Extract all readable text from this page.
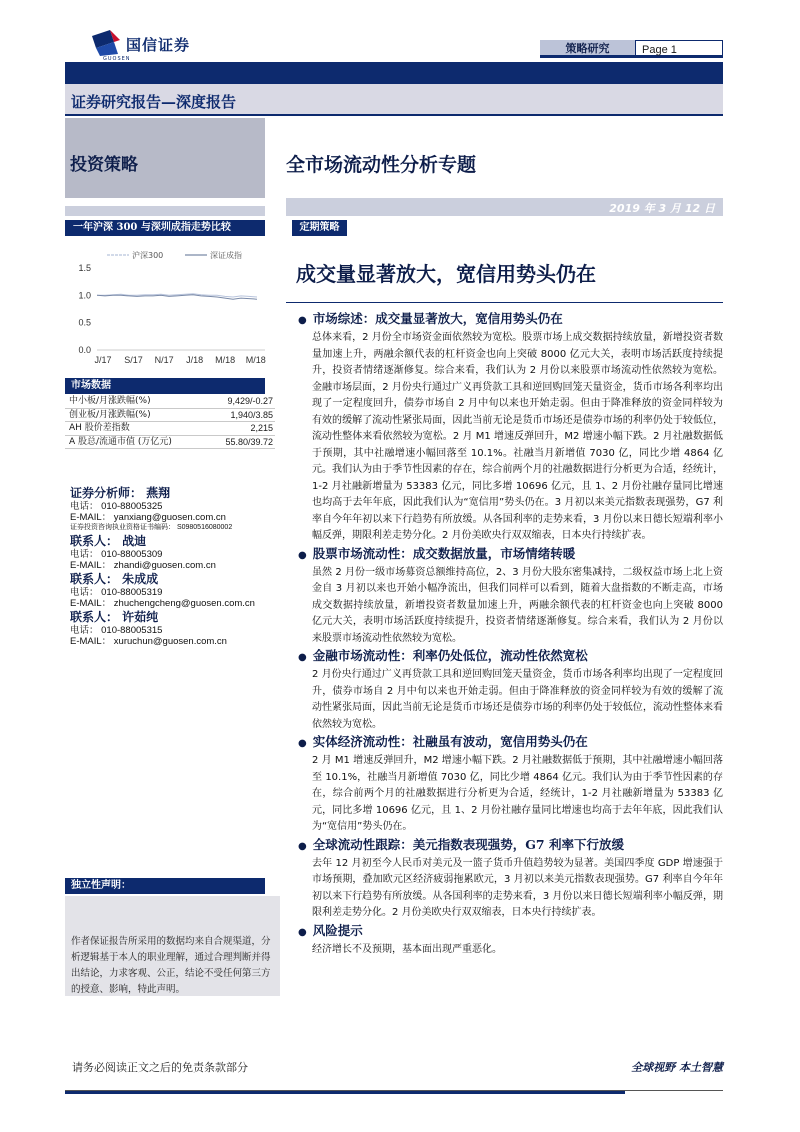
国信证券
GUOSEN
策略研究	Page 1
证券研究报告—深度报告
投资策略	全市场流动性分析专题
2019 年 3 月 12 日
一年沪深 300 与深圳成指走势比较
1.5
1.0
0.5
0.0
J/17 S/17 N/17 J/18 M/18 M/18
沪深300	深证成指
定期策略
成交量显著放大，宽信用势头仍在
市场数据
中小板/月涨跌幅(%)	9,429/-0.27
创业板/月涨跌幅(%)	1,940/3.85
AH 股价差指数	2,215
A 股总/流通市值 (万亿元)	55.80/39.72
证券分析师： 燕翔
电话： 010-88005325
E-MAIL： yanxiang@guosen.com.cn
证券投资咨询执业资格证书编码： S0980516080002
联系人： 战迪
电话： 010-88005309
E-MAIL： zhandi@guosen.com.cn
联系人： 朱成成
电话： 010-88005319
E-MAIL： zhuchengcheng@guosen.com.cn
联系人： 许茹纯
电话： 010-88005315
E-MAIL： xuruchun@guosen.com.cn
独立性声明：
作者保证报告所采用的数据均来自合规渠道，分析逻辑基于本人的职业理解，通过合理判断并得出结论，力求客观、公正，结论不受任何第三方的授意、影响，特此声明。
● 市场综述：成交量显著放大，宽信用势头仍在
总体来看，2 月份全市场资金面依然较为宽松。股票市场上成交数据持续放量，新增投资者数量加速上升，两融余额代表的杠杆资金也向上突破 8000 亿元大关，表明市场活跃度持续提升，投资者情绪逐渐修复。综合来看，我们认为 2 月份以来股票市场流动性依然较为宽松。金融市场层面，2 月份央行通过广义再贷款工具和逆回购回笼天量资金，货币市场各利率均出现了一定程度回升，债券市场自 2 月中旬以来也开始走弱。但由于降准释放的资金同样较为有效的缓解了流动性紧张局面，因此当前无论是货币市场还是债券市场的利率仍处于较低位，流动性整体来看依然较为宽松。2 月 M1 增速反弹回升，M2 增速小幅下跌。2 月社融数据低于预期，其中社融增速小幅回落至 10.1%。社融当月新增值 7030 亿，同比少增 4864 亿元。我们认为由于季节性因素的存在，综合前两个月的社融数据进行分析更为合适，经统计，1-2 月社融新增量为 53383 亿元，同比多增 10696 亿元，且 1、2 月份社融存量同比增速也均高于去年年底，因此我们认为“宽信用”势头仍在。3 月初以来美元指数表现强势，G7 利率自今年年初以来下行趋势有所放缓。从各国利率的走势来看，3 月份以来日德长短端利率小幅反弹，期限利差走势分化。2 月份美欧央行双双缩表，日本央行持续扩表。
● 股票市场流动性：成交数据放量，市场情绪转暖
虽然 2 月份一级市场募资总额维持高位，2、3 月份大股东密集减持，二级权益市场上北上资金自 3 月初以来也开始小幅净流出，但我们同样可以看到，随着大盘指数的不断走高，市场成交数据持续放量，新增投资者数量加速上升，两融余额代表的杠杆资金也向上突破 8000 亿元大关，表明市场活跃度持续提升，投资者情绪逐渐修复。综合来看，我们认为 2 月份以来股票市场流动性依然较为宽松。
● 金融市场流动性：利率仍处低位，流动性依然宽松
2 月份央行通过广义再贷款工具和逆回购回笼天量资金，货币市场各利率均出现了一定程度回升，债券市场自 2 月中旬以来也开始走弱。但由于降准释放的资金同样较为有效的缓解了流动性紧张局面，因此当前无论是货币市场还是债券市场的利率仍处于较低位，流动性整体来看依然较为宽松。
● 实体经济流动性：社融虽有波动，宽信用势头仍在
2 月 M1 增速反弹回升，M2 增速小幅下跌。2 月社融数据低于预期，其中社融增速小幅回落至 10.1%，社融当月新增值 7030 亿，同比少增 4864 亿元。我们认为由于季节性因素的存在，综合前两个月的社融数据进行分析更为合适，经统计，1-2 月社融新增量为 53383 亿元，同比多增 10696 亿元，且 1、2 月份社融存量同比增速也均高于去年年底，因此我们认为“宽信用”势头仍在。
● 全球流动性跟踪：美元指数表现强势，G7 利率下行放缓
去年 12 月初至今人民币对美元及一篮子货币升值趋势较为显著。美国四季度 GDP 增速强于市场预期，叠加欧元区经济疲弱拖累欧元，3 月初以来美元指数表现强势。G7 利率自今年年初以来下行趋势有所放缓。从各国利率的走势来看，3 月份以来日德长短端利率小幅反弹，期限利差走势分化。2 月份美欧央行双双缩表，日本央行持续扩表。
● 风险提示
经济增长不及预期，基本面出现严重恶化。
请务必阅读正文之后的免责条款部分	全球视野 本土智慧
